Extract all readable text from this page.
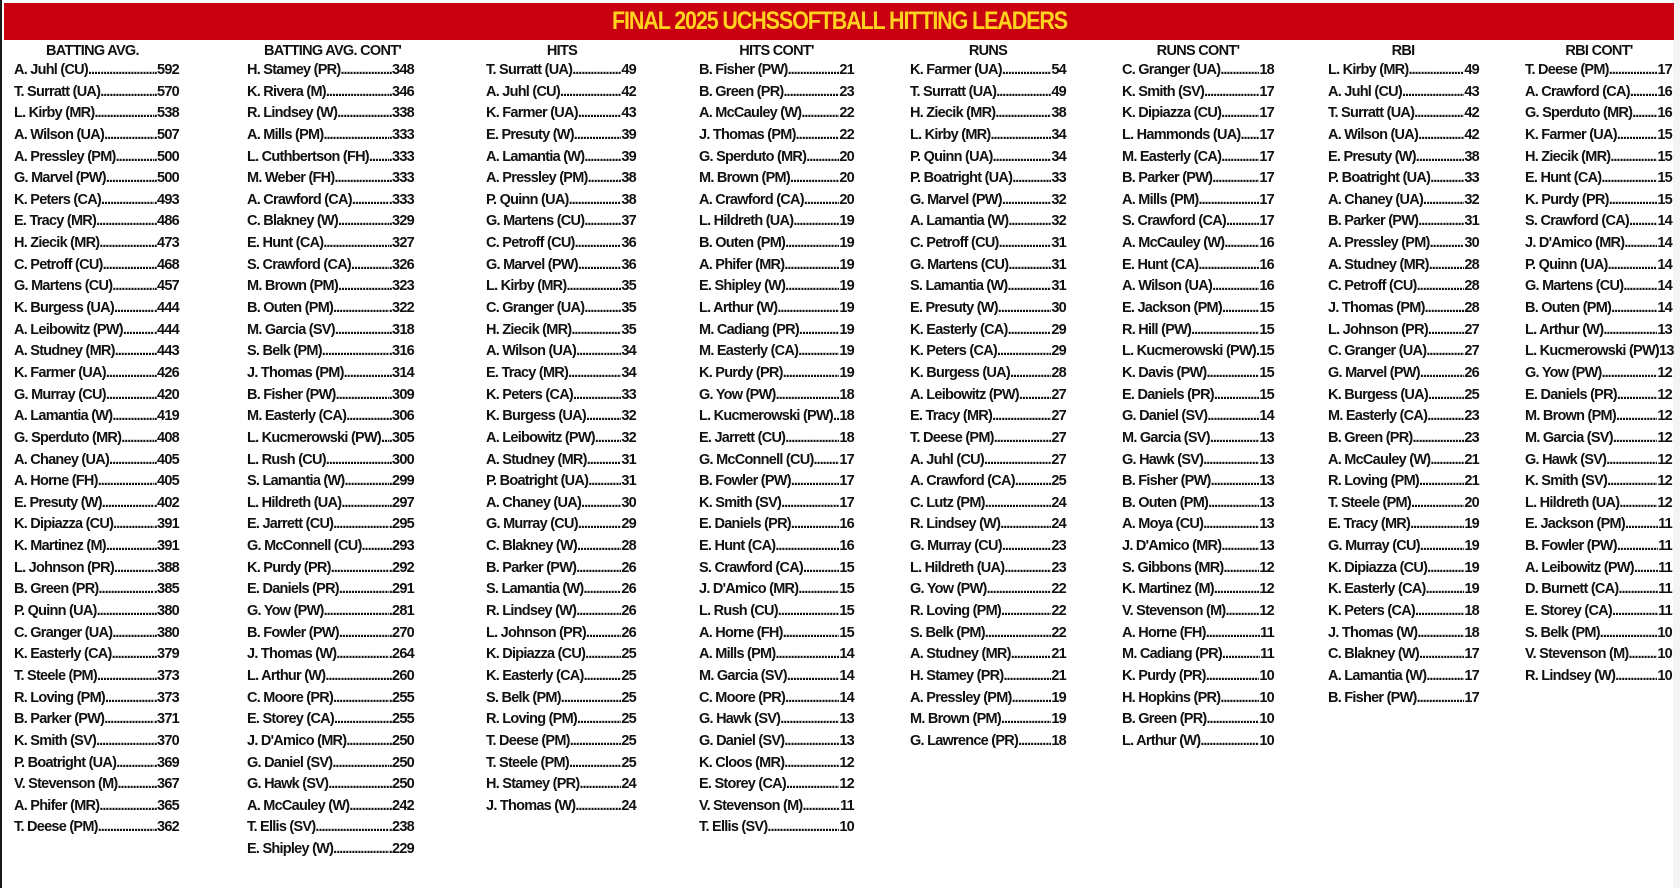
FINAL 2025 UCHSSOFTBALL HITTING LEADERS
BATTING AVG.
A. Juhl (CU) .....	.592
T. Surratt (UA) .....	.570
L. Kirby (MR) .....	.538
A. Wilson (UA) .....	.507
A. Pressley (PM) .....	.500
G. Marvel (PW) .....	.500
K. Peters (CA) .....	.493
E. Tracy (MR) .....	.486
H. Ziecik (MR) .....	.473
C. Petroff (CU) .....	.468
G. Martens (CU) .....	.457
K. Burgess (UA) .....	.444
A. Leibowitz (PW) ..... .444
A. Studney (MR) .....	.443
K. Farmer (UA) .....	.426
G. Murray (CU) .....	.420
A. Lamantia (W) .....	.419
G. Sperduto (MR) ..... .408
A. Chaney (UA) .....	.405
A. Horne (FH) .....	.405
E. Presuty (W) .....	.402
K. Dipiazza (CU) .....	.391
K. Martinez (M) .....	.391
L. Johnson (PR) .....	.388
B. Green (PR) .....	.385
P. Quinn (UA) .....	.380
C. Granger (UA) .....	.380
K. Easterly (CA) .....	.379
T. Steele (PM) .....	.373
R. Loving (PM) .....	.373
B. Parker (PW) .....	.371
K. Smith (SV) .....	.370
P. Boatright (UA) .....	.369
V. Stevenson (M) .....	.367
A. Phifer (MR) .....	.365
T. Deese (PM) .....	.362
BATTING AVG. CONT'
H. Stamey (PR) .....	.348
K. Rivera (M) .....	.346
R. Lindsey (W) .....	.338
A. Mills (PM) .....	.333
L. Cuthbertson (FH) ..... .333
M. Weber (FH) .....	.333
A. Crawford (CA) .....	.333
C. Blakney (W) .....	.329
E. Hunt (CA) .....	.327
S. Crawford (CA) .....	.326
M. Brown (PM) .....	.323
B. Outen (PM) .....	.322
M. Garcia (SV) .....	.318
S. Belk (PM) .....	.316
J. Thomas (PM) .....	.314
B. Fisher (PW) .....	.309
M. Easterly (CA) .....	.306
L. Kucmerowski (PW) ..... .305
L. Rush (CU) .....	.300
S. Lamantia (W) .....	.299
L. Hildreth (UA) .....	.297
E. Jarrett (CU) .....	.295
G. McConnell (CU) ..... .293
K. Purdy (PR) .....	.292
E. Daniels (PR) .....	.291
G. Yow (PW) .....	.281
B. Fowler (PW) .....	.270
J. Thomas (W) .....	.264
L. Arthur (W) .....	.260
C. Moore (PR) .....	.255
E. Storey (CA) .....	.255
J. D'Amico (MR) .....	.250
G. Daniel (SV) .....	.250
G. Hawk (SV) .....	.250
A. McCauley (W) .....	.242
T. Ellis (SV) .....	.238
E. Shipley (W) .....	.229
HITS
T. Surratt (UA) .....	49
A. Juhl (CU) .....	42
K. Farmer (UA) .....	43
E. Presuty (W) .....	39
A. Lamantia (W) .....	39
A. Pressley (PM) ..... 38
P. Quinn (UA) .....	38
G. Martens (CU) .....	37
C. Petroff (CU) .....	36
G. Marvel (PW) .....	36
L. Kirby (MR) .....	35
C. Granger (UA) .....	35
H. Ziecik (MR) .....	35
A. Wilson (UA) .....	34
E. Tracy (MR) .....	34
K. Peters (CA) .....	33
K. Burgess (UA) ..... 32
A. Leibowitz (PW) ..... 32
A. Studney (MR) ..... 31
P. Boatright (UA) ..... 31
A. Chaney (UA) .....	30
G. Murray (CU) .....	29
C. Blakney (W) .....	28
B. Parker (PW) .....	26
S. Lamantia (W) .....	26
R. Lindsey (W) .....	26
L. Johnson (PR) ..... 26
K. Dipiazza (CU) ..... 25
K. Easterly (CA) .....	25
S. Belk (PM) .....	25
R. Loving (PM) .....	25
T. Deese (PM) .....	25
T. Steele (PM) .....	25
H. Stamey (PR) .....	24
J. Thomas (W) .....	24
HITS CONT'
B. Fisher (PW) .....	21
B. Green (PR) .....	23
A. McCauley (W) .....	22
J. Thomas (PM) .....	22
G. Sperduto (MR) ..... 20
M. Brown (PM) .....	20
A. Crawford (CA) ..... 20
L. Hildreth (UA) .....	19
B. Outen (PM) .....	19
A. Phifer (MR) .....	19
E. Shipley (W) .....	19
L. Arthur (W) .....	19
M. Cadiang (PR) .....	19
M. Easterly (CA) .....	19
K. Purdy (PR) .....	19
G. Yow (PW) .....	18
L. Kucmerowski (PW) ..... 18
E. Jarrett (CU) .....	18
G. McConnell (CU) ..... 17
B. Fowler (PW) .....	17
K. Smith (SV) .....	17
E. Daniels (PR) .....	16
E. Hunt (CA) .....	16
S. Crawford (CA) .....	15
J. D'Amico (MR) .....	15
L. Rush (CU) .....	15
A. Horne (FH) .....	15
A. Mills (PM) .....	14
M. Garcia (SV) .....	14
C. Moore (PR) .....	14
G. Hawk (SV) .....	13
G. Daniel (SV) .....	13
K. Cloos (MR) .....	12
E. Storey (CA) .....	12
V. Stevenson (M) .....	11
T. Ellis (SV) .....	10
RUNS
K. Farmer (UA) .....	54
T. Surratt (UA) .....	49
H. Ziecik (MR) .....	38
L. Kirby (MR) .....	34
P. Quinn (UA) .....	34
P. Boatright (UA) .....	33
G. Marvel (PW) .....	32
A. Lamantia (W) .....	32
C. Petroff (CU) .....	31
G. Martens (CU) .....	31
S. Lamantia (W) .....	31
E. Presuty (W) .....	30
K. Easterly (CA) .....	29
K. Peters (CA) .....	29
K. Burgess (UA) .....	28
A. Leibowitz (PW) ..... 27
E. Tracy (MR) .....	27
T. Deese (PM) .....	27
A. Juhl (CU) .....	27
A. Crawford (CA) .....	25
C. Lutz (PM) .....	24
R. Lindsey (W) .....	24
G. Murray (CU) .....	23
L. Hildreth (UA) .....	23
G. Yow (PW) .....	22
R. Loving (PM) .....	22
S. Belk (PM) .....	22
A. Studney (MR) .....	21
H. Stamey (PR) .....	21
A. Pressley (PM) .....	19
M. Brown (PM) .....	19
G. Lawrence (PR) ..... 18
RUNS CONT'
C. Granger (UA) .....	18
K. Smith (SV) .....	17
K. Dipiazza (CU) .....	17
L. Hammonds (UA) ..... 17
M. Easterly (CA) .....	17
B. Parker (PW) .....	17
A. Mills (PM) .....	17
S. Crawford (CA) ..... 17
A. McCauley (W) ..... 16
E. Hunt (CA) .....	16
A. Wilson (UA) .....	16
E. Jackson (PM) .....	15
R. Hill (PW) .....	15
L. Kucmerowski (PW) ..... 15
K. Davis (PW) .....	15
E. Daniels (PR) .....	15
G. Daniel (SV) .....	14
M. Garcia (SV) .....	13
G. Hawk (SV) .....	13
B. Fisher (PW) .....	13
B. Outen (PM) .....	13
A. Moya (CU) .....	13
J. D'Amico (MR) .....	13
S. Gibbons (MR) ..... 12
K. Martinez (M) .....	12
V. Stevenson (M) ..... 12
A. Horne (FH) .....	11
M. Cadiang (PR) .....	11
K. Purdy (PR) .....	10
H. Hopkins (PR) .....	10
B. Green (PR) .....	10
L. Arthur (W) .....	10
RBI
L. Kirby (MR) .....	49
A. Juhl (CU) .....	43
T. Surratt (UA) .....	42
A. Wilson (UA) .....	42
E. Presuty (W) .....	38
P. Boatright (UA) ..... 33
A. Chaney (UA) .....	32
B. Parker (PW) .....	31
A. Pressley (PM) ..... 30
A. Studney (MR) ..... 28
C. Petroff (CU) .....	28
J. Thomas (PM) .....	28
L. Johnson (PR) .....	27
C. Granger (UA) .....	27
G. Marvel (PW) .....	26
K. Burgess (UA) .....	25
M. Easterly (CA) .....	23
B. Green (PR) .....	23
A. McCauley (W) ..... 21
R. Loving (PM) .....	21
T. Steele (PM) .....	20
E. Tracy (MR) .....	19
G. Murray (CU) .....	19
K. Dipiazza (CU) .....	19
K. Easterly (CA) .....	19
K. Peters (CA) .....	18
J. Thomas (W) .....	18
C. Blakney (W) .....	17
A. Lamantia (W) .....	17
B. Fisher (PW) .....	17
RBI CONT'
T. Deese (PM) .....	17
A. Crawford (CA) ..... 16
G. Sperduto (MR) ..... 16
K. Farmer (UA) .....	15
H. Ziecik (MR) .....	15
E. Hunt (CA) .....	15
K. Purdy (PR) .....	15
S. Crawford (CA) ..... 14
J. D'Amico (MR) ..... 14
P. Quinn (UA) .....	14
G. Martens (CU) ..... 14
B. Outen (PM) .....	14
L. Arthur (W) .....	13
L. Kucmerowski (PW) 13
G. Yow (PW) .....	12
E. Daniels (PR) .....	12
M. Brown (PM) .....	12
M. Garcia (SV) .....	12
G. Hawk (SV) .....	12
K. Smith (SV) .....	12
L. Hildreth (UA) .....	12
E. Jackson (PM) ..... 11
B. Fowler (PW) .....	11
A. Leibowitz (PW) ..... 11
D. Burnett (CA) .....	11
E. Storey (CA) .....	11
S. Belk (PM) .....	10
V. Stevenson (M) ..... 10
R. Lindsey (W) .....	10
